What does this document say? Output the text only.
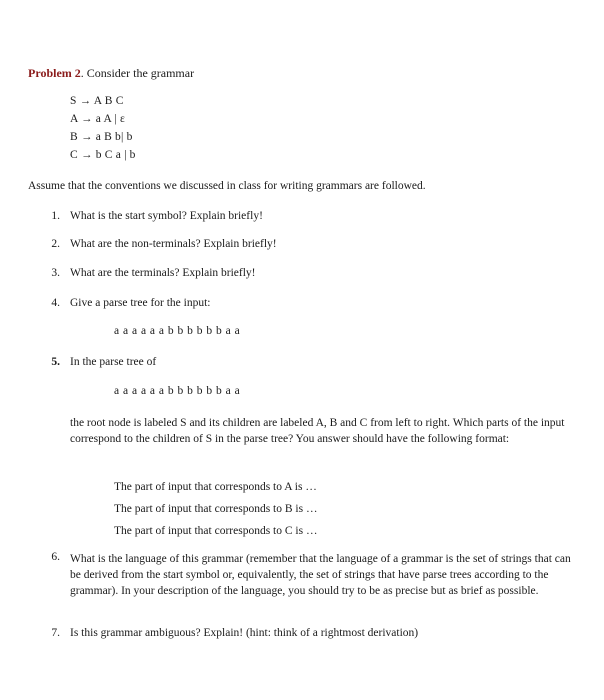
Problem 2. Consider the grammar
S → A B C
A → a A | ε
B → a B b| b
C → b C a | b
Assume that the conventions we discussed in class for writing grammars are followed.
1. What is the start symbol? Explain briefly!
2. What are the non-terminals? Explain briefly!
3. What are the terminals? Explain briefly!
4. Give a parse tree for the input:
a a a a a a b b b b b b a a
5. In the parse tree of
a a a a a a b b b b b b a a
the root node is labeled S and its children are labeled A, B and C from left to right. Which parts of the input correspond to the children of S in the parse tree? You answer should have the following format:
The part of input that corresponds to A is …
The part of input that corresponds to B is …
The part of input that corresponds to C is …
6. What is the language of this grammar (remember that the language of a grammar is the set of strings that can be derived from the start symbol or, equivalently, the set of strings that have parse trees according to the grammar). In your description of the language, you should try to be as precise but as brief as possible.
7. Is this grammar ambiguous? Explain! (hint: think of a rightmost derivation)
